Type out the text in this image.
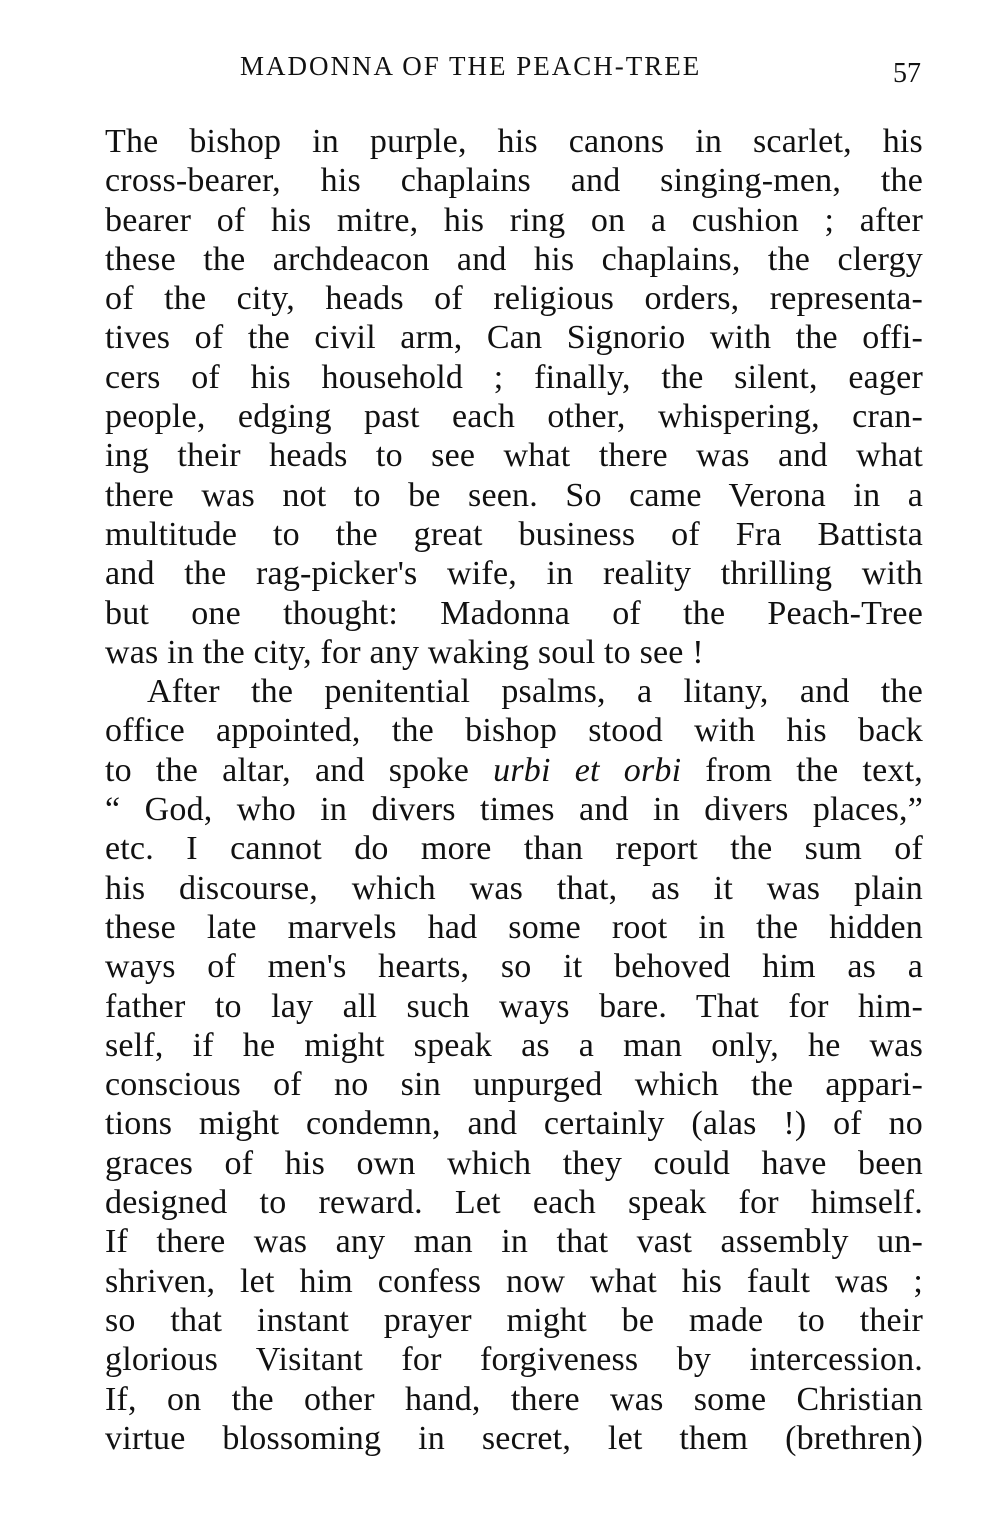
MADONNA OF THE PEACH-TREE	57
The bishop in purple, his canons in scarlet, his
cross-bearer, his chaplains and singing-men, the
bearer of his mitre, his ring on a cushion ; after
these the archdeacon and his chaplains, the clergy
of the city, heads of religious orders, representa-
tives of the civil arm, Can Signorio with the offi-
cers of his household ; finally, the silent, eager
people, edging past each other, whispering, cran-
ing their heads to see what there was and what
there was not to be seen. So came Verona in a
multitude to the great business of Fra Battista
and the rag-picker's wife, in reality thrilling with
but one thought: Madonna of the Peach-Tree
was in the city, for any waking soul to see !
After the penitential psalms, a litany, and the
office appointed, the bishop stood with his back
to the altar, and spoke urbi et orbi from the text,
“ God, who in divers times and in divers places,”
etc. I cannot do more than report the sum of
his discourse, which was that, as it was plain
these late marvels had some root in the hidden
ways of men's hearts, so it behoved him as a
father to lay all such ways bare. That for him-
self, if he might speak as a man only, he was
conscious of no sin unpurged which the appari-
tions might condemn, and certainly (alas !) of no
graces of his own which they could have been
designed to reward. Let each speak for himself.
If there was any man in that vast assembly un-
shriven, let him confess now what his fault was ;
so that instant prayer might be made to their
glorious Visitant for forgiveness by intercession.
If, on the other hand, there was some Christian
virtue blossoming in secret, let them (brethren)
